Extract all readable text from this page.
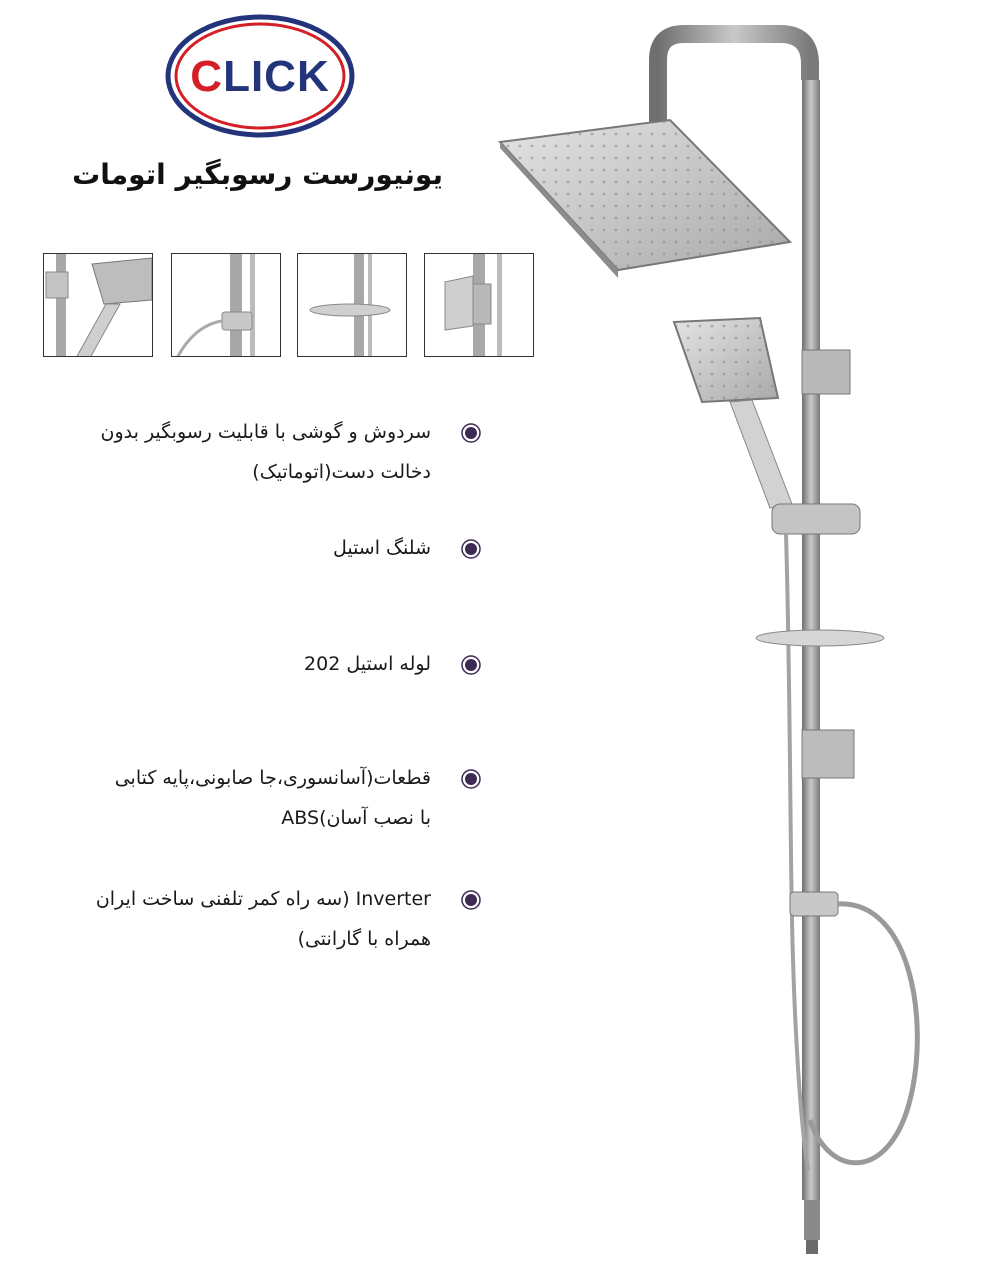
CLICK
یونیورست رسوبگیر اتومات
سردوش و گوشی با قابلیت رسوبگیر بدون
دخالت دست(اتوماتیک)
شلنگ استیل
لوله استیل 202
قطعات(آسانسوری،جا صابونی،پایه کتابی
با نصب آسان)ABS
Inverter (سه راه کمر تلفنی ساخت ایران
همراه با گارانتی)
